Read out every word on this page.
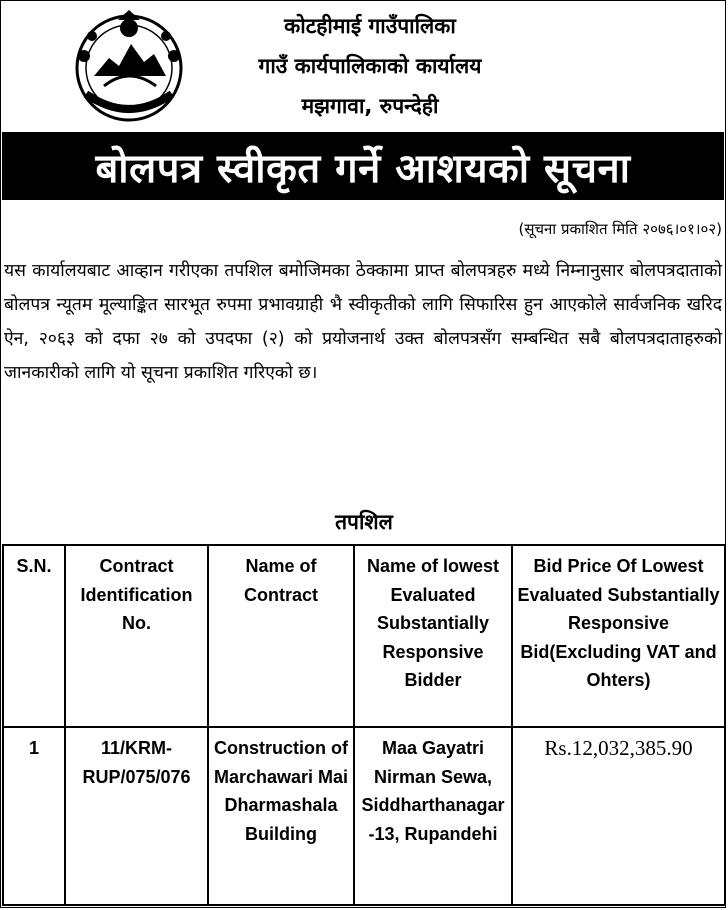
कोटहीमाई गाउँपालिका
गाउँ कार्यपालिकाको कार्यालय
मझगावा, रुपन्देही
बोलपत्र स्वीकृत गर्ने आशयको सूचना
(सूचना प्रकाशित मिति २०७६।०१।०२)
यस कार्यालयबाट आव्हान गरीएका तपशिल बमोजिमका ठेक्कामा प्राप्त बोलपत्रहरु मध्ये निम्नानुसार बोलपत्रदाताको बोलपत्र न्यूतम मूल्याङ्कित सारभूत रुपमा प्रभावग्राही भै स्वीकृतीको लागि सिफारिस हुन आएकोले सार्वजनिक खरिद ऐन, २०६३ को दफा २७ को उपदफा (२) को प्रयोजनार्थ उक्त बोलपत्रसँग सम्बन्धित सबै बोलपत्रदाताहरुको जानकारीको लागि यो सूचना प्रकाशित गरिएको छ।
तपशिल
S.N.	Contract Identification No.	Name of Contract	Name of lowest Evaluated Substantially Responsive Bidder	Bid Price Of Lowest Evaluated Substantially Responsive Bid(Excluding VAT and Ohters)
1	11/KRM-RUP/075/076	Construction of Marchawari Mai Dharmashala Building	Maa Gayatri Nirman Sewa, Siddharthanagar -13, Rupandehi	Rs.12,032,385.90
